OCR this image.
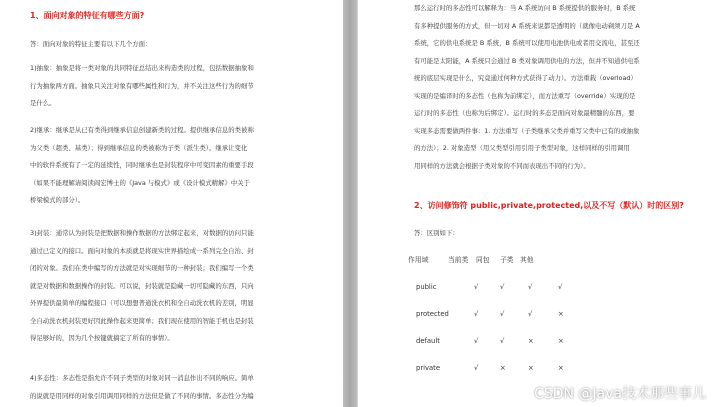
1、面向对象的特征有哪些方面?
答：面向对象的特征主要有以下几个方面：
1)抽象：抽象是将一类对象的共同特征总结出来构造类的过程，包括数据抽象和
行为抽象两方面。抽象只关注对象有哪些属性和行为，并不关注这些行为的细节
是什么。
2)继承：继承是从已有类得到继承信息创建新类的过程。提供继承信息的类被称
为父类（超类、基类）；得到继承信息的类被称为子类（派生类）。继承让变化
中的软件系统有了一定的延续性，同时继承也是封装程序中可变因素的重要手段
（如果不能理解请阅读阎宏博士的《Java 与模式》或《设计模式精解》中关于
桥梁模式的部分）。
3)封装：通常认为封装是把数据和操作数据的方法绑定起来，对数据的访问只能
通过已定义的接口。面向对象的本质就是将现实世界描绘成一系列完全自治、封
闭的对象。我们在类中编写的方法就是对实现细节的一种封装；我们编写一个类
就是对数据和数据操作的封装。可以说，封装就是隐藏一切可隐藏的东西，只向
外界提供最简单的编程接口（可以想想普通洗衣机和全自动洗衣机的差别，明显
全自动洗衣机封装更好因此操作起来更简单；我们现在使用的智能手机也是封装
得足够好的，因为几个按键就搞定了所有的事情）。
4)多态性：多态性是指允许不同子类型的对象对同一消息作出不同的响应。简单
的说就是用同样的对象引用调用同样的方法但是做了不同的事情。多态性分为编
那么运行时的多态性可以解释为：当 A 系统访问 B 系统提供的服务时，B 系统
有多种提供服务的方式，但一切对 A 系统来说都是透明的（就像电动剃须刀是 A
系统，它的供电系统是 B 系统，B 系统可以使用电池供电或者用交流电，甚至还
有可能是太阳能，A 系统只会通过 B 类对象调用供电的方法，但并不知道供电系
统的底层实现是什么，究竟通过何种方式获得了动力）。方法重载（overload）
实现的是编译时的多态性（也称为前绑定），而方法重写（override）实现的是
运行时的多态性（也称为后绑定）。运行时的多态是面向对象最精髓的东西，要
实现多态需要做两件事：1. 方法重写（子类继承父类并重写父类中已有的或抽象
的方法）；2. 对象造型（用父类型引用引用子类型对象，这样同样的引用调用
用同样的方法就会根据子类对象的不同而表现出不同的行为）。
2、访问修饰符 public,private,protected,以及不写（默认）时的区别?
答：区别如下：
作用域	当前类 同包 子类 其他
public	√	√	√	√
protected	√	√	√	×
default	√	√	×	×
private	√	×	×	×
CSDN @Java技术那些事儿
